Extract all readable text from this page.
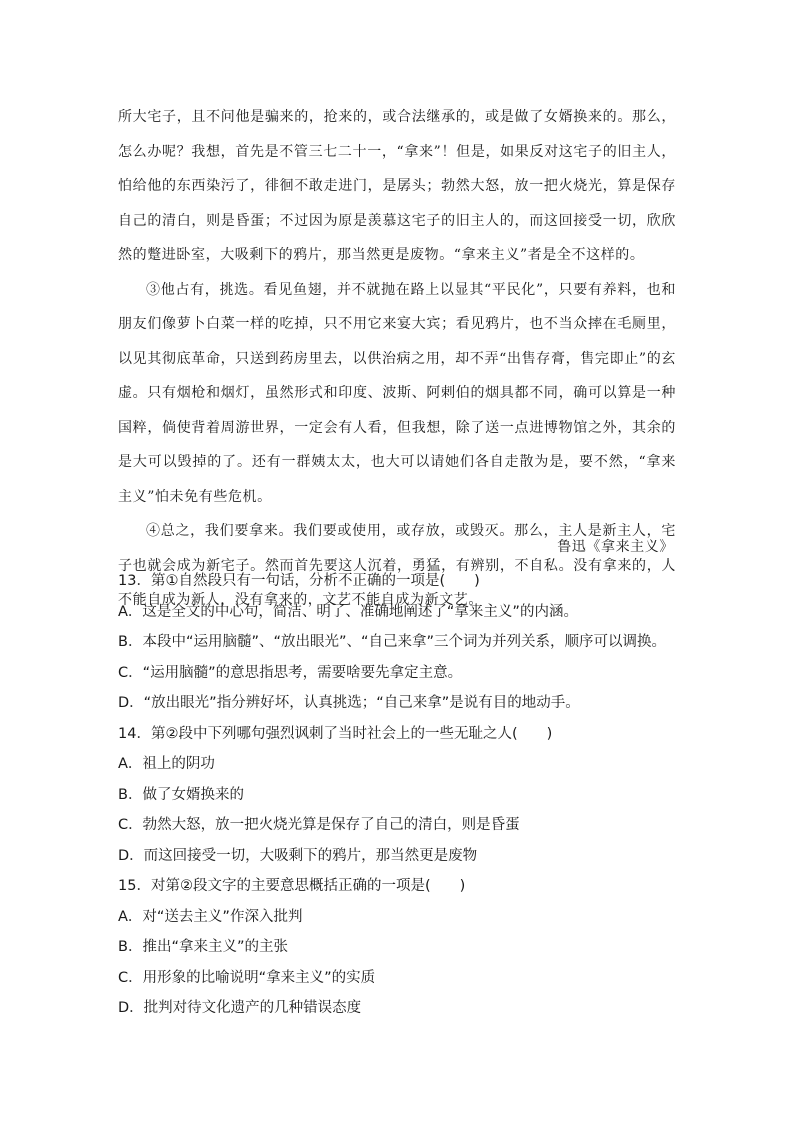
所大宅子，且不问他是骗来的，抢来的，或合法继承的，或是做了女婿换来的。那么，怎么办呢？我想，首先是不管三七二十一，“拿来”！但是，如果反对这宅子的旧主人，怕给他的东西染污了，徘徊不敢走进门，是孱头；勃然大怒，放一把火烧光，算是保存自己的清白，则是昏蛋；不过因为原是羡慕这宅子的旧主人的，而这回接受一切，欣欣然的蹩进卧室，大吸剩下的鸦片，那当然更是废物。“拿来主义”者是全不这样的。

③他占有，挑选。看见鱼翅，并不就抛在路上以显其“平民化”，只要有养料，也和朋友们像萝卜白菜一样的吃掉，只不用它来宴大宾；看见鸦片，也不当众摔在毛厕里，以见其彻底革命，只送到药房里去，以供治病之用，却不弄“出售存膏，售完即止”的玄虚。只有烟枪和烟灯，虽然形式和印度、波斯、阿剌伯的烟具都不同，确可以算是一种国粹，倘使背着周游世界，一定会有人看，但我想，除了送一点进博物馆之外，其余的是大可以毁掉的了。还有一群姨太太，也大可以请她们各自走散为是，要不然，“拿来主义”怕未免有些危机。

④总之，我们要拿来。我们要或使用，或存放，或毁灭。那么，主人是新主人，宅子也就会成为新宅子。然而首先要这人沉着，勇猛，有辨别，不自私。没有拿来的，人不能自成为新人，没有拿来的，文艺不能自成为新文艺。

鲁迅《拿来主义》
13．第①自然段只有一句话，分析不正确的一项是(　　)
A．这是全文的中心句，简洁、明了、准确地阐述了“拿来主义”的内涵。
B．本段中“运用脑髓”、“放出眼光”、“自己来拿”三个词为并列关系，顺序可以调换。
C．“运用脑髓”的意思指思考，需要啥要先拿定主意。
D．“放出眼光”指分辨好坏，认真挑选；“自己来拿”是说有目的地动手。
14．第②段中下列哪句强烈讽刺了当时社会上的一些无耻之人(　　)
A．祖上的阴功
B．做了女婿换来的
C．勃然大怒，放一把火烧光算是保存了自己的清白，则是昏蛋
D．而这回接受一切，大吸剩下的鸦片，那当然更是废物
15．对第②段文字的主要意思概括正确的一项是(　　)
A．对“送去主义”作深入批判
B．推出“拿来主义”的主张
C．用形象的比喻说明“拿来主义”的实质
D．批判对待文化遗产的几种错误态度
